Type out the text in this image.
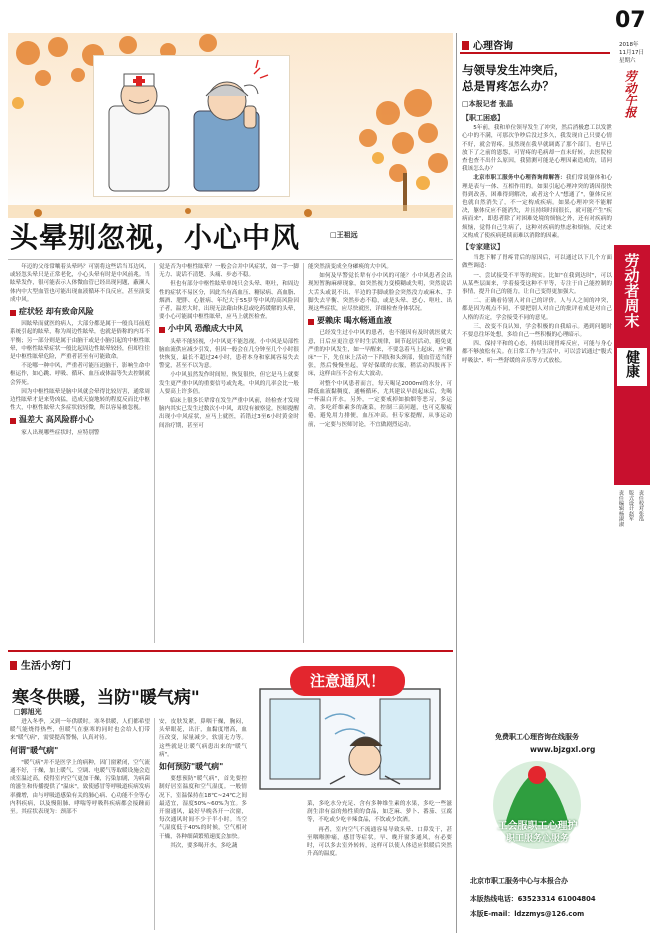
头晕别忽视，小心中风	□王祖远

年迈的父母常嚷着头晕吗？可别将这些话当耳边风，或轻忽头晕只是正常老化，小心头晕有时是中风前兆。当眩晕发作，很可能表示人体微血管已经出现问题，蔽濒人体内中大型血管也可能出现血液循环不良反应，甚至演变成中风。

症状轻 却有致命风险

因眩晕而就医的病人，大部分都是属于一般良耳前庭系统引起的眩晕，称为周边性眩晕，也就是俗称的内耳不平衡；另一部分则是属于由脑干或是小脑引起的中枢性眩晕，中枢性眩晕症状一般比起周边性眩晕较轻，但却往往是中枢性眩晕危险，严重者甚至有可能致命。

不论哪一种中风，严重者可能压迫脑干，影响生命中枢运作，如心跳、呼吸、循环、血压或体温等失去控制就会猝死。

因为中枢性眩晕是脑中风就会晕得比较厉害，通常周边性眩晕才是来势凶猛，造成天旋地转的程度反而比中枢性大，中枢性眩晕大多症状较轻微，所以容易被忽视。

温差大 高风险群小心

家人出现哪些症状时，应特别警

觉是否为中枢性眩晕？一般会合并中风症状，如一手一脚无力、说话不清楚、头痛、步态不稳。

但也有部分中枢性眩晕单纯只会头晕、呕吐，和周边性的症状不易区分，因此当有高血压、糖尿病、高血脂、烟酒、肥胖、心脏病、年纪大于55岁等中风的高风险因子者，温差大时，出现无法藉由休息或吃药缓解的头晕，要小心可能属中枢性眩晕，应马上就医检查。

小中风 恐酿成大中风

头晕不能轻视，小中风更不能忽视。小中风是局部性脑血流供应减少引发，但因一般会在几分钟至几个小时很快恢复，最长不超过24小时，患者本身和家属容易失去警觉，甚至不以为意。

小中风虽然发作时间短，恢复很快，但它是马上就要发生更严重中风的重要信号或先兆，中风的几率会比一般人要高上许多倍。

临床上很多长辈常在发生严重中风前，经检查才发现脑内其实已发生过数次小中风，却没有被察觉。医师提醒出现小中风症状，应马上就医，若错过3至6小时黄金时间治疗期，甚至可

能突然演变成全身瘫痪的大中风。

如何及早警觉长辈有小中风的可能？小中风患者会出现短暂胸麻痹现象，如突然视力变模糊或失明，突然说话大舌头或说不出、半边的手脚或脸会突然没力或麻木、手脚失去平衡、突然步态不稳，或是头晕、恶心、呕吐、出现这些症状，应尽快就医，详细检查身体状况。

要赖床 喝水畅通血液

已经发生过小中风的患者，也不能因有及时就医就大意，日后应更注意平时生活规律，调节起居活动，避免更严重的中风发生，如一早醒来，不要急着马上起床，应"赖床"一下，先在床上活动一下四肢和头颈部，使血管适当舒张，然后慢慢坐起，穿好保暖的衣服，稍活动四肢再下床，这样由压不会有太大波动。

对整个中风患者而言，每天喝足2000ml的水分，可降低血液黏稠度，通畅循环，尤其建议早晨起床后，先喝一杯温白开水。另外，一定要戒掉如抽烟等恶习，多运动，多吃纤维素多的蔬菜，控制三高问题，也可克服疲倦，避免用力排便，血压冲高。但专家提醒，从事运动前，一定要与医师讨论，不宜做剧烈运动。

生活小窍门
寒冬供暖，当防"暖气病"
□郭旭光
注意通风！

进入冬季，又到一年供暖时。寒冬供暖，人们都希望暖气能烧得热些，但暖气在驱寒的同时也会给人们带来"暖气病"，需要提高警惕，认真对待。

何谓"暖气病"

"暖气病"并不是医学上的病种，因门窗紧闭，空气流通不好，干燥，加上暖气、空调、电暖气等取暖设施会造成室温过高，使得室内空气更加干燥，污染加剧，为病菌的滋生和传播提供了"温床"，致使感冒等呼吸道疾病发病率骤增，由与呼吸道感染有关的肺心病、心功能不全等心内科疾病，以及慢阻肺、哮喘等呼吸科疾病都会接踵而至。其症状表现为：颈部不

安，皮肤发紧，鼻咽干燥，胸闷，头晕眼花，出汗，血黏度增高，血压改变，尿量减少，软弱无力等。这些就是让暖气病患出来的"暖气病"。

如何预防"暖气病"

要想预防"暖气病"，首先要控制好居室温度和空气湿度。一般情况下，室温保持在18℃~24℃之间最适宜，湿度50%~60%为宜。多开窗通风，最好早晚各开一次窗，每次通风时间不少于半小时。当空气湿度低于40%的时候，空气相对干燥，各种细菌繁殖速度会加快。

其次，要多喝开水，多吃蔬

菜，多吃水分充足、含有多种维生素的水果，多吃一些滋润生津有益的热性质的食品，如芝麻、萝卜、番茄、豆腐等，不吃或少吃辛辣食品，不饮或少饮酒。

再者，室内空气不流通容易导致头晕、口鼻发干，甚至咽喉肿痛，感冒等症状。早、晚开窗多通风，有必要时，可以多去室外转转，这样可以使人体适应供暖后突然升高的温度。

心理咨询
与领导发生冲突后，
总是胃疼怎么办？
□本报记者 张晶
【职工困惑】

5年前，我和单位领导发生了冲突，然后消极怠工以发泄心中的不满，可那次争吵后没过多久，我发现自己只要心情不好，就会胃疼。虽然现在我早就调离了那个部门，也早已放下了之前的恩怨，可胃疼的毛病却一直未好转，去医院检查也查不出什么原因，我猜测可能是心理因素造成的，请问我该怎么办？

北京市职工服务中心理咨询师解答：我们常说躯体和心理是表与一体、互相作用的。如果引起心理冲突的诱因很快得到改善，困难得到解决，或者这个人"想通了"，躯体反应也就自然消失了，不一定构成疾病。如果心理冲突不能解决，躯体反应不能消失，并且持续时间很长，就可能产生"疾病而来"，即患者除了对困难处境的烦恼之外，还有对疾病的烦恼，觉得自己生病了，这种对疾病的焦虑和烦恼，反过来又构成了使疾病延续而难以消除的因素。

【专家建议】

当您下解了胃疼背后的原因后，可以通过以下几个方面做些调适：

一、尝试接受不平等的现实。比如"在我到达时"，可以从某些层面来，学着接受这种不平等，专注于自己能控制的事情，提升自己的能力，让自己变得更加强大。

二、正确看待别人对自己的评价。人与人之间的冲突，都是因为观点不同，不要把别人对自己的批评看成是对自己人格的否定，学会接受不同的意见。

三、改变不良认知，学会积极的自我暗示。遇到问题时不要总往坏处想，多给自己一些积极的心理暗示。

四、保持平和的心态，持续出现胃疼反应，可能与身心都不够放松有关。在日常工作与生活中，可以尝试通过"腹式呼吸法"、听一些舒缓的音乐等方式放松。

免费职工心理咨询在线服务
www.bjzgxl.org
工会服职工心理护
职工服务心服务
北京市职工服务中心与本报合办
本版热线电话：63523314 61004804
本版E-mail：ldzzmys@126.com
07
2018年
11月17日
星期六
劳动午报
劳动者周末
健康
责任编辑杨淑淑
版式设计赵军
责任校对张泓
